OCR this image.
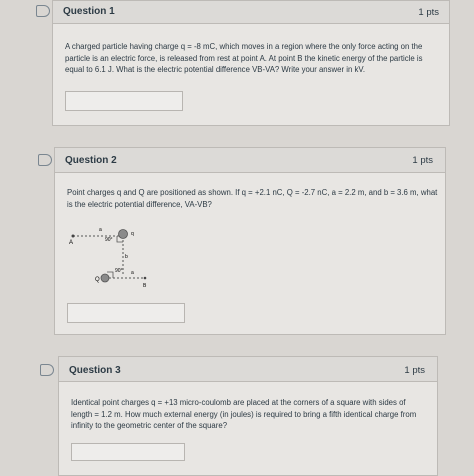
Question 1	1 pts
A charged particle having charge q = -8 mC, which moves in a region where the only force acting on the particle is an electric force, is released from rest at point A. At point B the kinetic energy of the particle is equal to 6.1 J. What is the electric potential difference VB-VA? Write your answer in kV.
Question 2	1 pts
Point charges q and Q are positioned as shown. If q = +2.1 nC, Q = -2.7 nC, a = 2.2 m, and b = 3.6 m, what is the electric potential difference, VA-VB?
a
A
q
90°
b
90° a
Q
B
Question 3	1 pts
Identical point charges q = +13 micro-coulomb are placed at the corners of a square with sides of length = 1.2 m. How much external energy (in joules) is required to bring a fifth identical charge from infinity to the geometric center of the square?
